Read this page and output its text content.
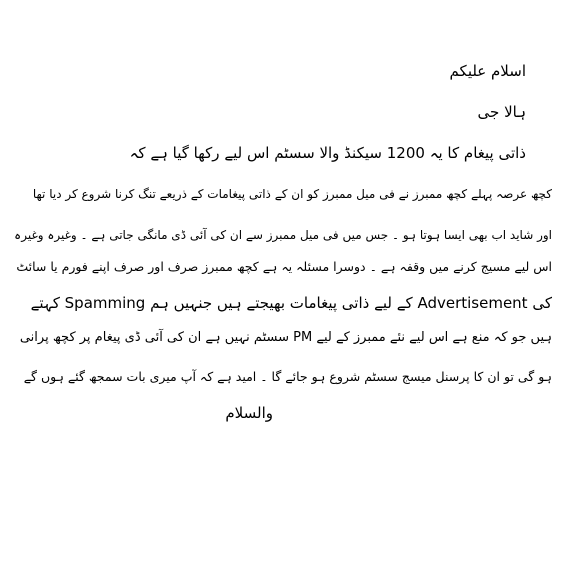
اسلام علیکم
ہالا جی
ذاتی پیغام کا یہ 1200 سیکنڈ والا سسٹم اس لیے رکھا گیا ہے کہ
کچھ عرصہ پہلے کچھ ممبرز نے فی میل ممبرز کو ان کے ذاتی پیغامات کے ذریعے تنگ کرنا شروع کر دیا تھا
اور شاید اب بھی ایسا ہوتا ہو ۔ جس میں فی میل ممبرز سے ان کی آئی ڈی مانگی جاتی ہے ۔ وغیرہ وغیرہ
اس لیے مسیج کرنے میں وقفہ ہے ۔ دوسرا مسئلہ یہ ہے کچھ ممبرز صرف اور صرف اپنے فورم یا سائٹ
کی Advertisement کے لیے ذاتی پیغامات بھیجتے ہیں جنہیں ہم Spamming کہتے
ہیں جو کہ منع ہے اس لیے نئے ممبرز کے لیے PM سسٹم نہیں ہے ان کی آئی ڈی پیغام پر کچھ پرانی
ہو گی تو ان کا پرسنل میسج سسٹم شروع ہو جائے گا ۔ امید ہے کہ آپ میری بات سمجھ گئے ہوں گے
والسلام
